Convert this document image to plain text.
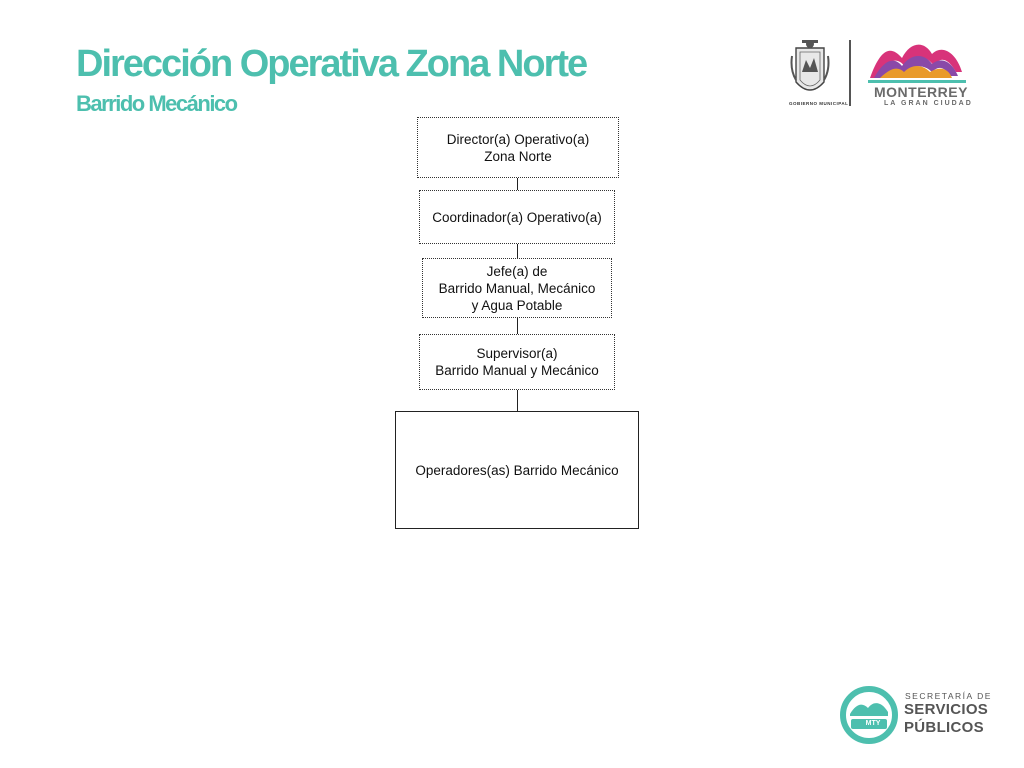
Dirección Operativa Zona Norte
Barrido Mecánico	GOBIERNO MUNICIPAL
MONTERREY
LA GRAN CIUDAD
Director(a) Operativo(a)
Zona Norte
Coordinador(a) Operativo(a)
Jefe(a) de
Barrido Manual, Mecánico
y Agua Potable
Supervisor(a)
Barrido Manual y Mecánico
Operadores(as) Barrido Mecánico
MTY
SECRETARÍA DE
SERVICIOS
PÚBLICOS
